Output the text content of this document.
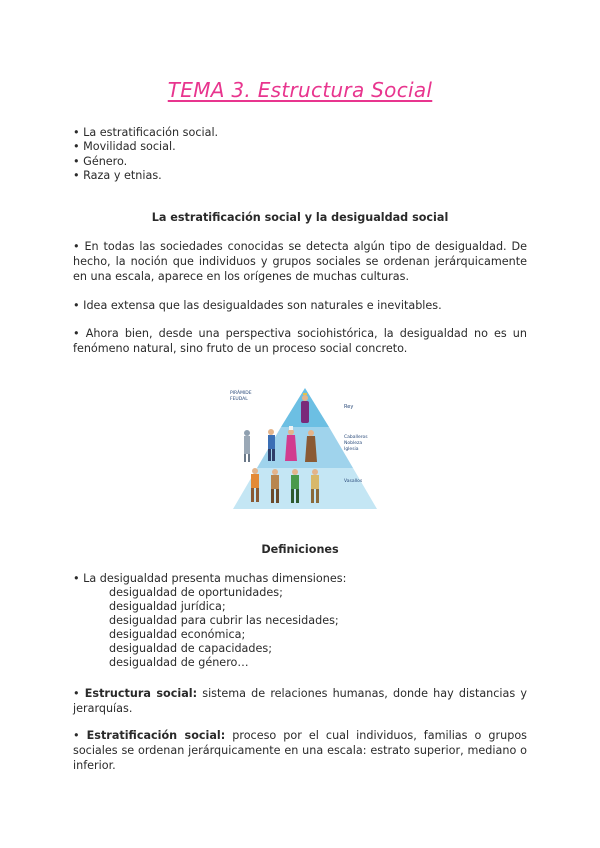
TEMA 3. Estructura Social
• La estratificación social.
• Movilidad social.
• Género.
• Raza y etnias.
La estratificación social y la desigualdad social
• En todas las sociedades conocidas se detecta algún tipo de desigualdad. De hecho, la noción que individuos y grupos sociales se ordenan jerárquicamente en una escala, aparece en los orígenes de muchas culturas.
• Idea extensa que las desigualdades son naturales e inevitables.
• Ahora bien, desde una perspectiva sociohistórica, la desigualdad no es un fenómeno natural, sino fruto de un proceso social concreto.
PIRÁMIDE
FEUDAL
Rey
Caballeros
Nobleza
Iglesia
Vasallos
Definiciones
• La desigualdad presenta muchas dimensiones:
desigualdad de oportunidades;
desigualdad jurídica;
desigualdad para cubrir las necesidades;
desigualdad económica;
desigualdad de capacidades;
desigualdad de género…
• Estructura social: sistema de relaciones humanas, donde hay distancias y jerarquías.
• Estratificación social: proceso por el cual individuos, familias o grupos sociales se ordenan jerárquicamente en una escala: estrato superior, mediano o inferior.
